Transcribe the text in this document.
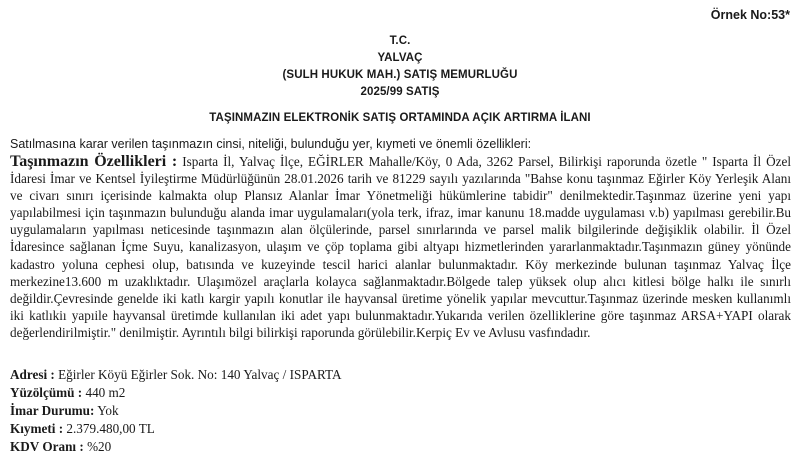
Örnek No:53*
T.C.
YALVAÇ
(SULH HUKUK MAH.) SATIŞ MEMURLUĞU
2025/99 SATIŞ
TAŞINMAZIN ELEKTRONİK SATIŞ ORTAMINDA AÇIK ARTIRMA İLANI
Satılmasına karar verilen taşınmazın cinsi, niteliği, bulunduğu yer, kıymeti ve önemli özellikleri:
Taşınmazın Özellikleri : Isparta İl, Yalvaç İlçe, EĞİRLER Mahalle/Köy, 0 Ada, 3262 Parsel, Bilirkişi raporunda özetle " Isparta İl Özel İdaresi İmar ve Kentsel İyileştirme Müdürlüğünün 28.01.2026 tarih ve 81229 sayılı yazılarında "Bahse konu taşınmaz Eğirler Köy Yerleşik Alanı ve civarı sınırı içerisinde kalmakta olup Plansız Alanlar İmar Yönetmeliği hükümlerine tabidir" denilmektedir.Taşınmaz üzerine yeni yapı yapılabilmesi için taşınmazın bulunduğu alanda imar uygulamaları(yola terk, ifraz, imar kanunu 18.madde uygulaması v.b) yapılması gerebilir.Bu uygulamaların yapılması neticesinde taşınmazın alan ölçülerinde, parsel sınırlarında ve parsel malik bilgilerinde değişiklik olabilir. İl Özel İdaresince sağlanan İçme Suyu, kanalizasyon, ulaşım ve çöp toplama gibi altyapı hizmetlerinden yararlanmaktadır.Taşınmazın güney yönünde kadastro yoluna cephesi olup, batısında ve kuzeyinde tescil harici alanlar bulunmaktadır. Köy merkezinde bulunan taşınmaz Yalvaç İlçe merkezine13.600 m uzaklıktadır. Ulaşımözel araçlarla kolayca sağlanmaktadır.Bölgede talep yüksek olup alıcı kitlesi bölge halkı ile sınırlı değildir.Çevresinde genelde iki katlı kargir yapılı konutlar ile hayvansal üretime yönelik yapılar mevcuttur.Taşınmaz üzerinde mesken kullanımlı iki katlıkiı yapıile hayvansal üretimde kullanılan iki adet yapı bulunmaktadır.Yukarıda verilen özelliklerine göre taşınmaz ARSA+YAPI olarak değerlendirilmiştir." denilmiştir. Ayrıntılı bilgi bilirkişi raporunda görülebilir.Kerpiç Ev ve Avlusu vasfındadır.
Adresi : Eğirler Köyü Eğirler Sok. No: 140 Yalvaç / ISPARTA
Yüzölçümü : 440 m2
İmar Durumu: Yok
Kıymeti : 2.379.480,00 TL
KDV Oranı : %20
